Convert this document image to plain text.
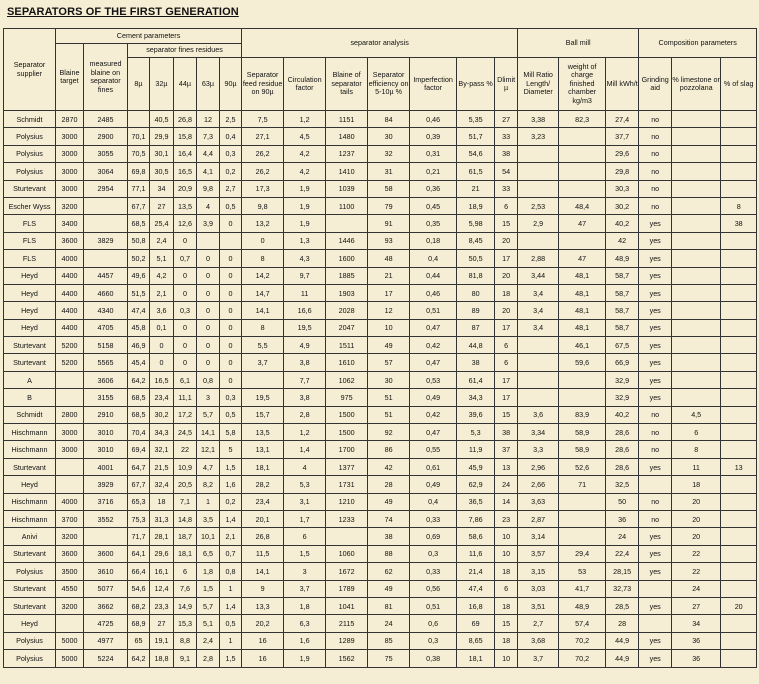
SEPARATORS OF THE FIRST GENERATION
Separator supplier	Cement parameters							separator analysis							Ball mill			Composition parameters		
	Blaine target	measured blaine on separator fines	separator fines residues																	
			8µ	32µ	44µ	63µ	90µ	Separator feed residue on 90µ	Circulation factor	Blaine of separator tails	Separator efficiency on 5-10µ %	Imperfection factor	By-pass %	Dlimit µ	Mill Ratio Length/ Diameter	weight of charge finished chamber kg/m3	Mill kWh/t	Grinding aid	% limestone or pozzolana	% of slag
Schmidt	2870	2485		40,5	26,8	12	2,5	7,5	1,2	1151	84	0,46	5,35	27	3,38	82,3	27,4	no		
Polysius	3000	2900	70,1	29,9	15,8	7,3	0,4	27,1	4,5	1480	30	0,39	51,7	33	3,23		37,7	no		
Polysius	3000	3055	70,5	30,1	16,4	4,4	0,3	26,2	4,2	1237	32	0,31	54,6	38			29,6	no		
Polysius	3000	3064	69,8	30,5	16,5	4,1	0,2	26,2	4,2	1410	31	0,21	61,5	54			29,8	no		
Sturtevant	3000	2954	77,1	34	20,9	9,8	2,7	17,3	1,9	1039	58	0,36	21	33			30,3	no		
Escher Wyss	3200		67,7	27	13,5	4	0,5	9,8	1,9	1100	79	0,45	18,9	6	2,53	48,4	30,2	no		8
FLS	3400		68,5	25,4	12,6	3,9	0	13,2	1,9		91	0,35	5,98	15	2,9	47	40,2	yes		38
FLS	3600	3829	50,8	2,4	0			0	1,3	1446	93	0,18	8,45	20			42	yes		
FLS	4000		50,2	5,1	0,7	0	0	8	4,3	1600	48	0,4	50,5	17	2,88	47	48,9	yes		
Heyd	4400	4457	49,6	4,2	0	0	0	14,2	9,7	1885	21	0,44	81,8	20	3,44	48,1	58,7	yes		
Heyd	4400	4660	51,5	2,1	0	0	0	14,7	11	1903	17	0,46	80	18	3,4	48,1	58,7	yes		
Heyd	4400	4340	47,4	3,6	0,3	0	0	14,1	16,6	2028	12	0,51	89	20	3,4	48,1	58,7	yes		
Heyd	4400	4705	45,8	0,1	0	0	0	8	19,5	2047	10	0,47	87	17	3,4	48,1	58,7	yes		
Sturtevant	5200	5158	46,9	0	0	0	0	5,5	4,9	1511	49	0,42	44,8	6		46,1	67,5	yes		
Sturtevant	5200	5565	45,4	0	0	0	0	3,7	3,8	1610	57	0,47	38	6		59,6	66,9	yes		
A		3606	64,2	16,5	6,1	0,8	0		7,7	1062	30	0,53	61,4	17			32,9	yes		
B		3155	68,5	23,4	11,1	3	0,3	19,5	3,8	975	51	0,49	34,3	17			32,9	yes		
Schmidt	2800	2910	68,5	30,2	17,2	5,7	0,5	15,7	2,8	1500	51	0,42	39,6	15	3,6	83,9	40,2	no	4,5	
Hischmann	3000	3010	70,4	34,3	24,5	14,1	5,8	13,5	1,2	1500	92	0,47	5,3	38	3,34	58,9	28,6	no	6	
Hischmann	3000	3010	69,4	32,1	22	12,1	5	13,1	1,4	1700	86	0,55	11,9	37	3,3	58,9	28,6	no	8	
Sturtevant		4001	64,7	21,5	10,9	4,7	1,5	18,1	4	1377	42	0,61	45,9	13	2,96	52,6	28,6	yes	11	13
Heyd		3929	67,7	32,4	20,5	8,2	1,6	28,2	5,3	1731	28	0,49	62,9	24	2,66	71	32,5		18	
Hischmann	4000	3716	65,3	18	7,1	1	0,2	23,4	3,1	1210	49	0,4	36,5	14	3,63		50	no	20	
Hischmann	3700	3552	75,3	31,3	14,8	3,5	1,4	20,1	1,7	1233	74	0,33	7,86	23	2,87		36	no	20	
Anivi	3200		71,7	28,1	18,7	10,1	2,1	26,8	6		38	0,69	58,6	10	3,14		24	yes	20	
Sturtevant	3600	3600	64,1	29,6	18,1	6,5	0,7	11,5	1,5	1060	88	0,3	11,6	10	3,57	29,4	22,4	yes	22	
Polysius	3500	3610	66,4	16,1	6	1,8	0,8	14,1	3	1672	62	0,33	21,4	18	3,15	53	28,15	yes	22	
Sturtevant	4550	5077	54,6	12,4	7,6	1,5	1	9	3,7	1789	49	0,56	47,4	6	3,03	41,7	32,73		24	
Sturtevant	3200	3662	68,2	23,3	14,9	5,7	1,4	13,3	1,8	1041	81	0,51	16,8	18	3,51	48,9	28,5	yes	27	20
Heyd		4725	68,9	27	15,3	5,1	0,5	20,2	6,3	2115	24	0,6	69	15	2,7	57,4	28		34	
Polysius	5000	4977	65	19,1	8,8	2,4	1	16	1,6	1289	85	0,3	8,65	18	3,68	70,2	44,9	yes	36	
Polysius	5000	5224	64,2	18,8	9,1	2,8	1,5	16	1,9	1562	75	0,38	18,1	10	3,7	70,2	44,9	yes	36	
